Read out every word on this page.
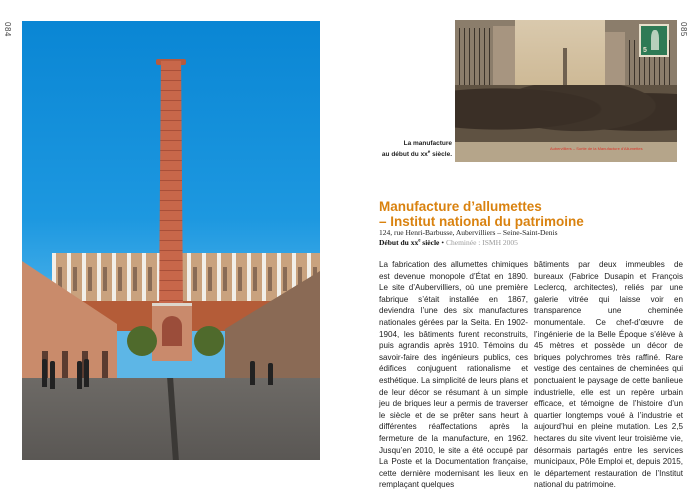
084	085
La manufacture
au début du $xx^e$ siècle.
5
Aubervilliers – Sortie de la Manufacture d'Allumettes
Manufacture d’allumettes
– Institut national du patrimoine
124, rue Henri-Barbusse, Aubervilliers – Seine-Saint-Denis
Début du $xx^e$ siècle • Cheminée : ISMH 2005
La fabrication des allumettes chimiques est devenue monopole d’État en 1890. Le site d’Aubervilliers, où une première fabrique s’était installée en 1867, deviendra l’une des six manufactures nationales gérées par la Seita. En 1902-1904, les bâtiments furent reconstruits, puis agrandis après 1910. Témoins du savoir-faire des ingénieurs publics, ces édifices conjuguent rationalisme et esthétique. La simplicité de leurs plans et de leur décor se résumant à un simple jeu de briques leur a permis de traverser le siècle et de se prêter sans heurt à différentes réaffectations après la fermeture de la manufacture, en 1962. Jusqu’en 2010, le site a été occupé par La Poste et la Documentation française, cette dernière modernisant les lieux en remplaçant quelques
bâtiments par deux immeubles de bureaux (Fabrice Dusapin et François Leclercq, architectes), reliés par une galerie vitrée qui laisse voir en transparence une cheminée monumentale. Ce chef-d’œuvre de l’ingénierie de la Belle Époque s’élève à 45 mètres et possède un décor de briques polychromes très raffiné. Rare vestige des centaines de cheminées qui ponctuaient le paysage de cette banlieue industrielle, elle est un repère urbain efficace, et témoigne de l’histoire d’un quartier longtemps voué à l’industrie et aujourd’hui en pleine mutation. Les 2,5 hectares du site vivent leur troisième vie, désormais partagés entre les services municipaux, Pôle Emploi et, depuis 2015, le département restauration de l’Institut national du patrimoine.
